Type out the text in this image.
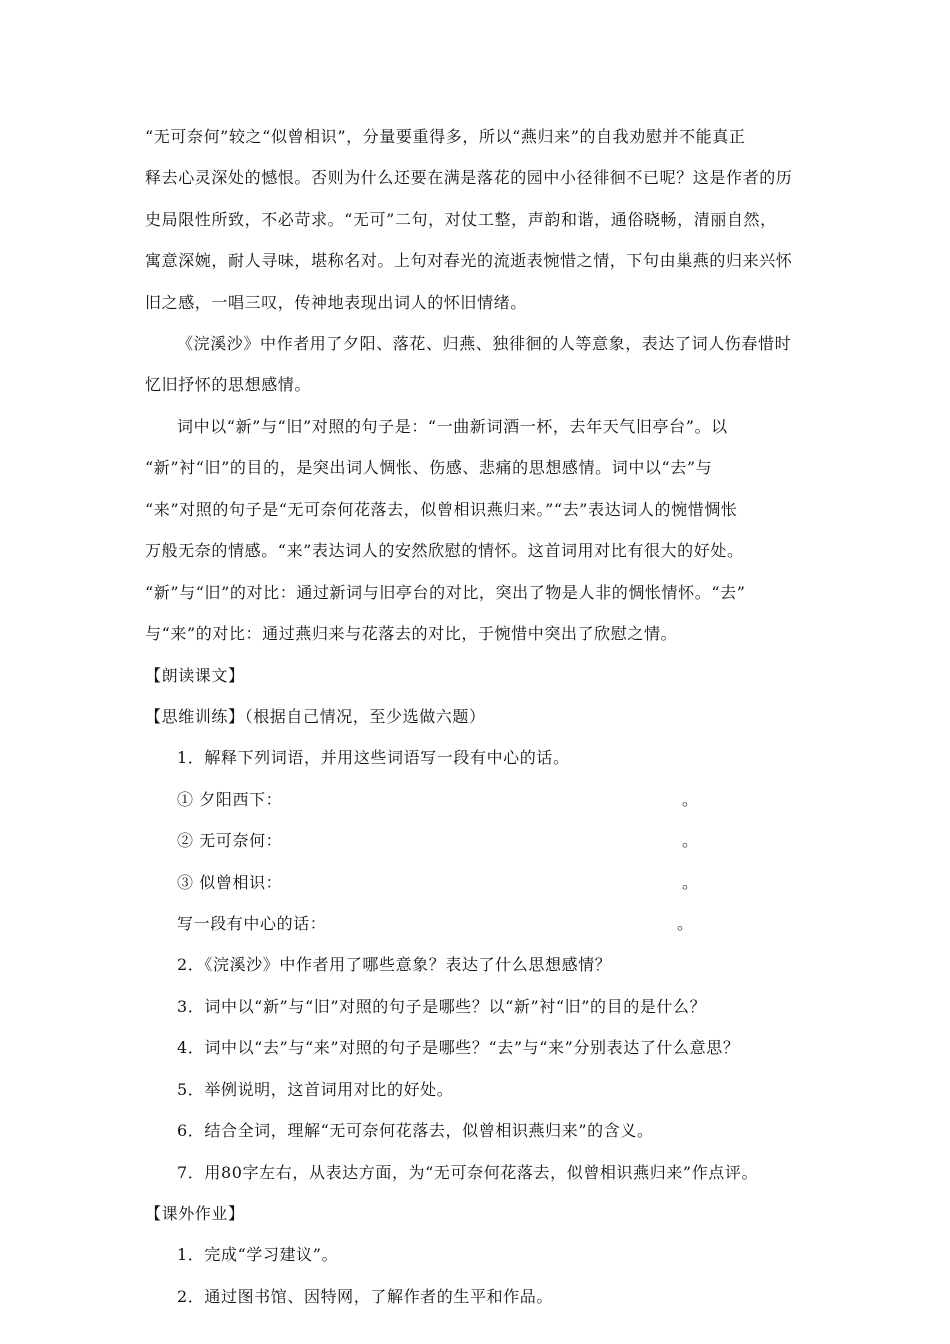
“无可奈何”较之“似曾相识”，分量要重得多，所以“燕归来”的自我劝慰并不能真正
释去心灵深处的憾恨。否则为什么还要在满是落花的园中小径徘徊不已呢？这是作者的历
史局限性所致，不必苛求。“无可”二句，对仗工整，声韵和谐，通俗晓畅，清丽自然，
寓意深婉，耐人寻味，堪称名对。上句对春光的流逝表惋惜之情，下句由巢燕的归来兴怀
旧之感，一唱三叹，传神地表现出词人的怀旧情绪。
《浣溪沙》中作者用了夕阳、落花、归燕、独徘徊的人等意象，表达了词人伤春惜时
忆旧抒怀的思想感情。
词中以“新”与“旧”对照的句子是：“一曲新词酒一杯，去年天气旧亭台”。以
“新”衬“旧”的目的，是突出词人惆怅、伤感、悲痛的思想感情。词中以“去”与
“来”对照的句子是“无可奈何花落去，似曾相识燕归来。”“去”表达词人的惋惜惆怅
万般无奈的情感。“来”表达词人的安然欣慰的情怀。这首词用对比有很大的好处。
“新”与“旧”的对比：通过新词与旧亭台的对比，突出了物是人非的惆怅情怀。“去”
与“来”的对比：通过燕归来与花落去的对比，于惋惜中突出了欣慰之情。
【朗读课文】
【思维训练】（根据自己情况，至少选做六题）
1．解释下列词语，并用这些词语写一段有中心的话。
① 夕阳西下：	。
② 无可奈何：	。
③ 似曾相识：	。
写一段有中心的话：	。
2．《浣溪沙》中作者用了哪些意象？表达了什么思想感情？
3．词中以“新”与“旧”对照的句子是哪些？以“新”衬“旧”的目的是什么？
4．词中以“去”与“来”对照的句子是哪些？“去”与“来”分别表达了什么意思？
5．举例说明，这首词用对比的好处。
6．结合全词，理解“无可奈何花落去，似曾相识燕归来”的含义。
7．用80字左右，从表达方面，为“无可奈何花落去，似曾相识燕归来”作点评。
【课外作业】
1．完成“学习建议”。
2．通过图书馆、因特网，了解作者的生平和作品。
